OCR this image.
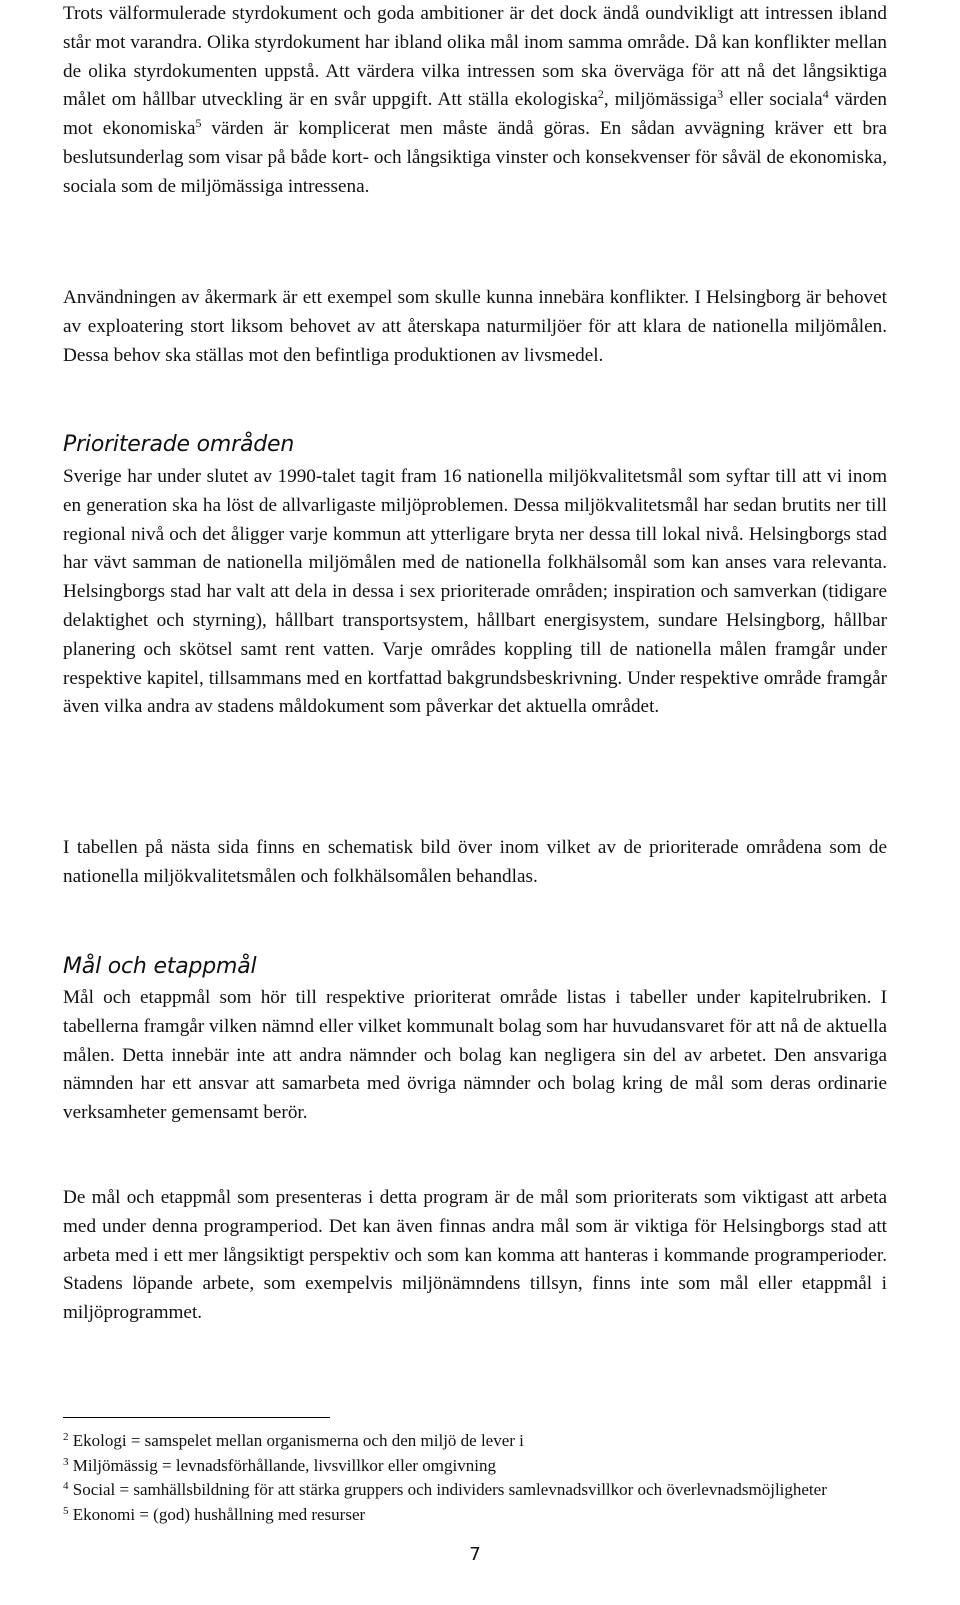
Trots välformulerade styrdokument och goda ambitioner är det dock ändå oundvikligt att intressen ibland står mot varandra. Olika styrdokument har ibland olika mål inom samma område. Då kan konflikter mellan de olika styrdokumenten uppstå. Att värdera vilka intressen som ska överväga för att nå det långsiktiga målet om hållbar utveckling är en svår uppgift. Att ställa ekologiska$^2$, miljömässiga$^3$ eller sociala$^4$ värden mot ekonomiska$^5$ värden är komplicerat men måste ändå göras. En sådan avvägning kräver ett bra beslutsunderlag som visar på både kort- och långsiktiga vinster och konsekvenser för såväl de ekonomiska, sociala som de miljömässiga intressena.

Användningen av åkermark är ett exempel som skulle kunna innebära konflikter. I Helsingborg är behovet av exploatering stort liksom behovet av att återskapa naturmiljöer för att klara de nationella miljömålen. Dessa behov ska ställas mot den befintliga produktionen av livsmedel.

Prioriterade områden

Sverige har under slutet av 1990-talet tagit fram 16 nationella miljökvalitetsmål som syftar till att vi inom en generation ska ha löst de allvarligaste miljöproblemen. Dessa miljökvalitetsmål har sedan brutits ner till regional nivå och det åligger varje kommun att ytterligare bryta ner dessa till lokal nivå. Helsingborgs stad har vävt samman de nationella miljömålen med de nationella folkhälsomål som kan anses vara relevanta. Helsingborgs stad har valt att dela in dessa i sex prioriterade områden; inspiration och samverkan (tidigare delaktighet och styrning), hållbart transportsystem, hållbart energisystem, sundare Helsingborg, hållbar planering och skötsel samt rent vatten. Varje områdes koppling till de nationella målen framgår under respektive kapitel, tillsammans med en kortfattad bakgrundsbeskrivning. Under respektive område framgår även vilka andra av stadens måldokument som påverkar det aktuella området.

I tabellen på nästa sida finns en schematisk bild över inom vilket av de prioriterade områdena som de nationella miljökvalitetsmålen och folkhälsomålen behandlas.

Mål och etappmål

Mål och etappmål som hör till respektive prioriterat område listas i tabeller under kapitelrubriken. I tabellerna framgår vilken nämnd eller vilket kommunalt bolag som har huvudansvaret för att nå de aktuella målen. Detta innebär inte att andra nämnder och bolag kan negligera sin del av arbetet. Den ansvariga nämnden har ett ansvar att samarbeta med övriga nämnder och bolag kring de mål som deras ordinarie verksamheter gemensamt berör.

De mål och etappmål som presenteras i detta program är de mål som prioriterats som viktigast att arbeta med under denna programperiod. Det kan även finnas andra mål som är viktiga för Helsingborgs stad att arbeta med i ett mer långsiktigt perspektiv och som kan komma att hanteras i kommande programperioder. Stadens löpande arbete, som exempelvis miljönämndens tillsyn, finns inte som mål eller etappmål i miljöprogrammet.

$^2$ Ekologi = samspelet mellan organismerna och den miljö de lever i
$^3$ Miljömässig = levnadsförhållande, livsvillkor eller omgivning
$^4$ Social = samhällsbildning för att stärka gruppers och individers samlevnadsvillkor och överlevnadsmöjligheter
$^5$ Ekonomi = (god) hushållning med resurser
7
